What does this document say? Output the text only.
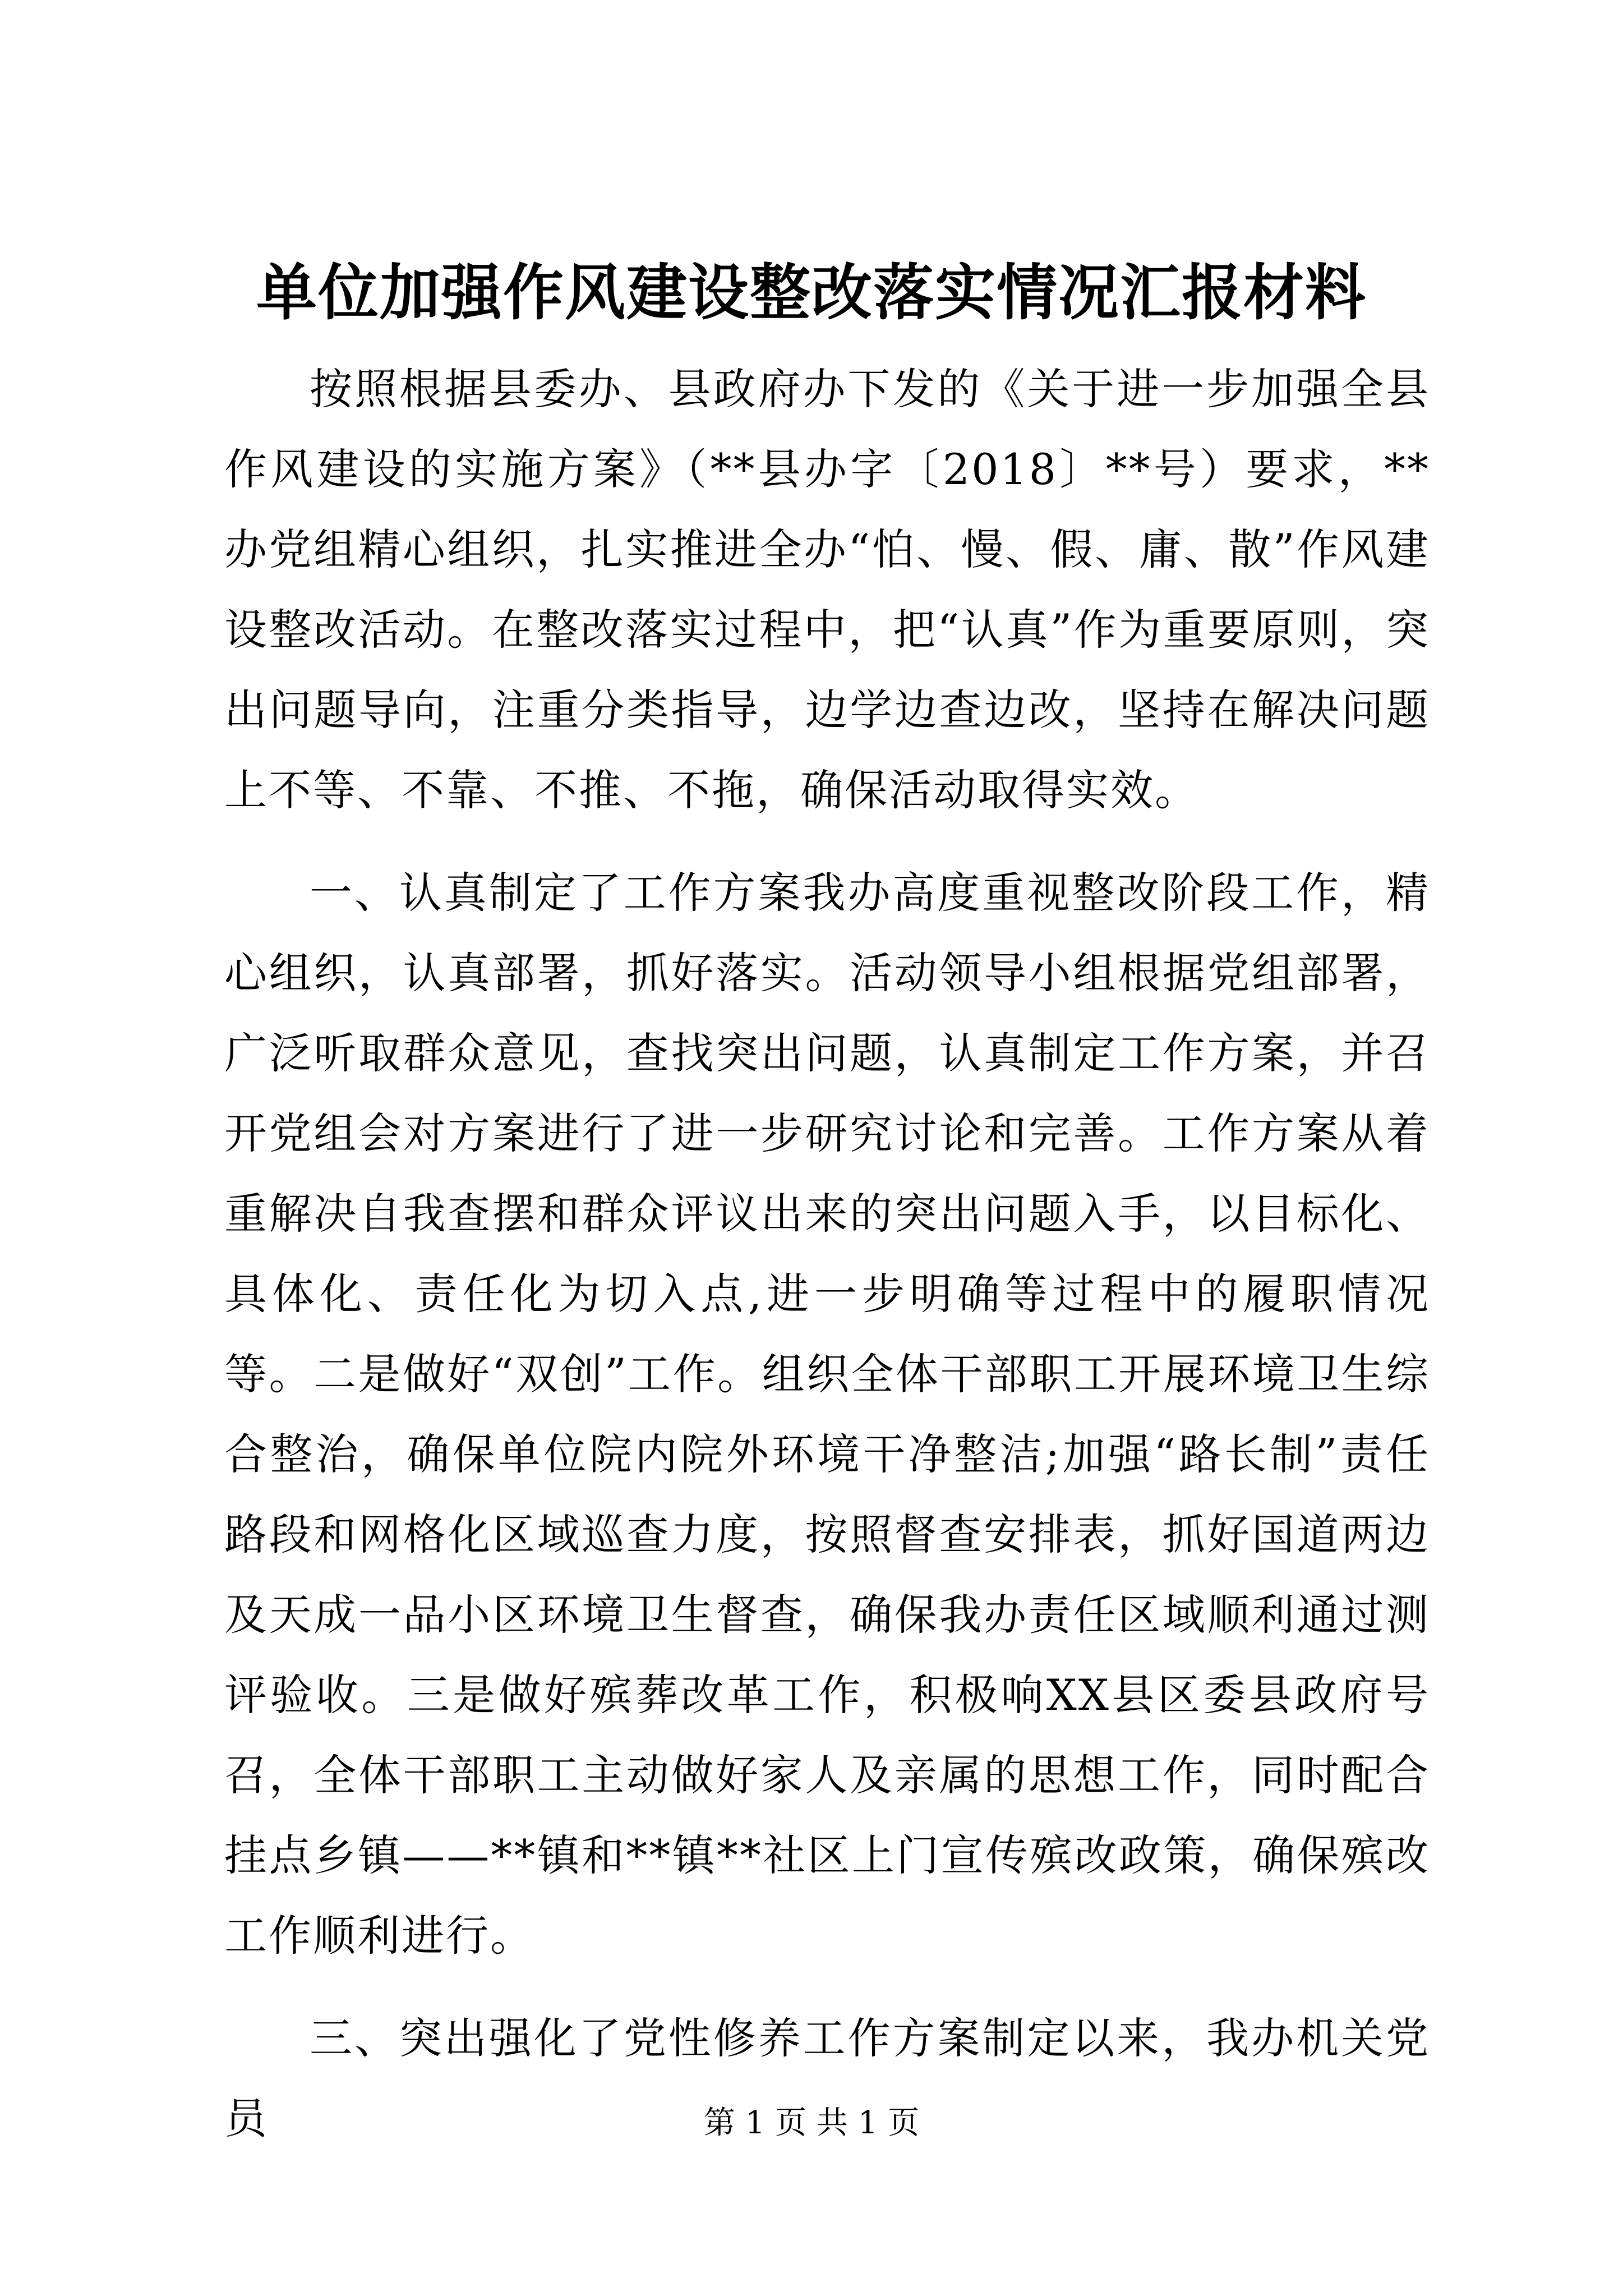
单位加强作风建设整改落实情况汇报材料

按照根据县委办、县政府办下发的《关于进一步加强全县作风建设的实施方案》（**县办字〔2018〕**号）要求，**办党组精心组织，扎实推进全办“怕、慢、假、庸、散”作风建设整改活动。在整改落实过程中，把“认真”作为重要原则，突出问题导向，注重分类指导，边学边查边改，坚持在解决问题上不等、不靠、不推、不拖，确保活动取得实效。

一、认真制定了工作方案我办高度重视整改阶段工作，精心组织，认真部署，抓好落实。活动领导小组根据党组部署，广泛听取群众意见，查找突出问题，认真制定工作方案，并召开党组会对方案进行了进一步研究讨论和完善。工作方案从着重解决自我查摆和群众评议出来的突出问题入手，以目标化、具体化、责任化为切入点,进一步明确等过程中的履职情况等。二是做好“双创”工作。组织全体干部职工开展环境卫生综合整治，确保单位院内院外环境干净整洁;加强“路长制”责任路段和网格化区域巡查力度，按照督查安排表，抓好国道两边及天成一品小区环境卫生督查，确保我办责任区域顺利通过测评验收。三是做好殡葬改革工作，积极响XX县区委县政府号召，全体干部职工主动做好家人及亲属的思想工作，同时配合挂点乡镇——**镇和**镇**社区上门宣传殡改政策，确保殡改工作顺利进行。

三、突出强化了党性修养工作方案制定以来，我办机关党员	第 1 页 共 1 页
